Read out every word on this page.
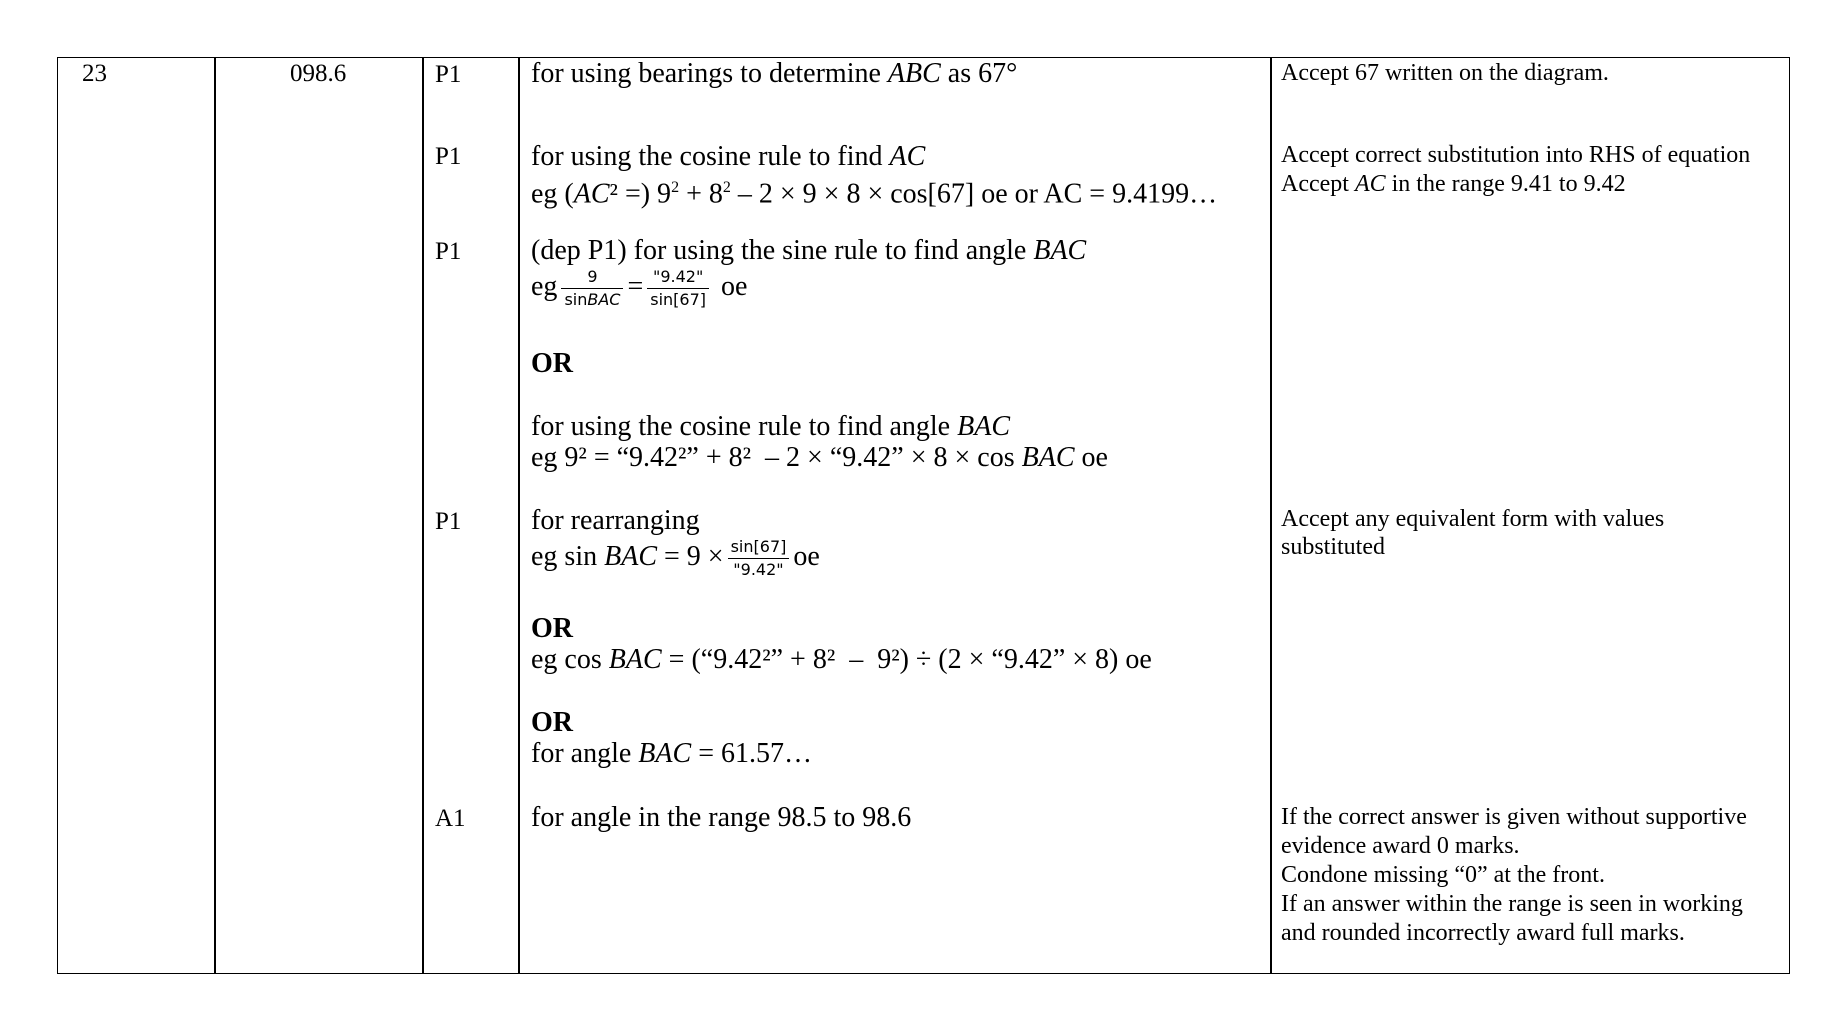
23	098.6	P1
P1
P1
P1
A1
for using bearings to determine ABC as 67°
for using the cosine rule to find AC
eg (AC² =) $9^2 + 8^2 - 2 \times 9 \times 8 \times \cos[67]$ oe or AC = 9.4199…
(dep P1) for using the sine rule to find angle BAC
eg $\frac{9}{\text{sinBAC}} = \frac{"9.42"}{\sin[67]}$ oe
OR
for using the cosine rule to find angle BAC
eg 9² = “9.42²” + 8²  – 2 × “9.42” × 8 × cos BAC oe
for rearranging
eg sin BAC = $9 \times \frac{\sin[67]}{"9.42"}$ oe
OR
eg cos BAC = (“9.42²” + 8²  –  9²) ÷ (2 × “9.42” × 8) oe
OR
for angle BAC = 61.57…
for angle in the range 98.5 to 98.6
Accept 67 written on the diagram.
Accept correct substitution into RHS of equation
Accept AC in the range 9.41 to 9.42
Accept any equivalent form with values
substituted
If the correct answer is given without supportive
evidence award 0 marks.
Condone missing “0” at the front.
If an answer within the range is seen in working
and rounded incorrectly award full marks.
